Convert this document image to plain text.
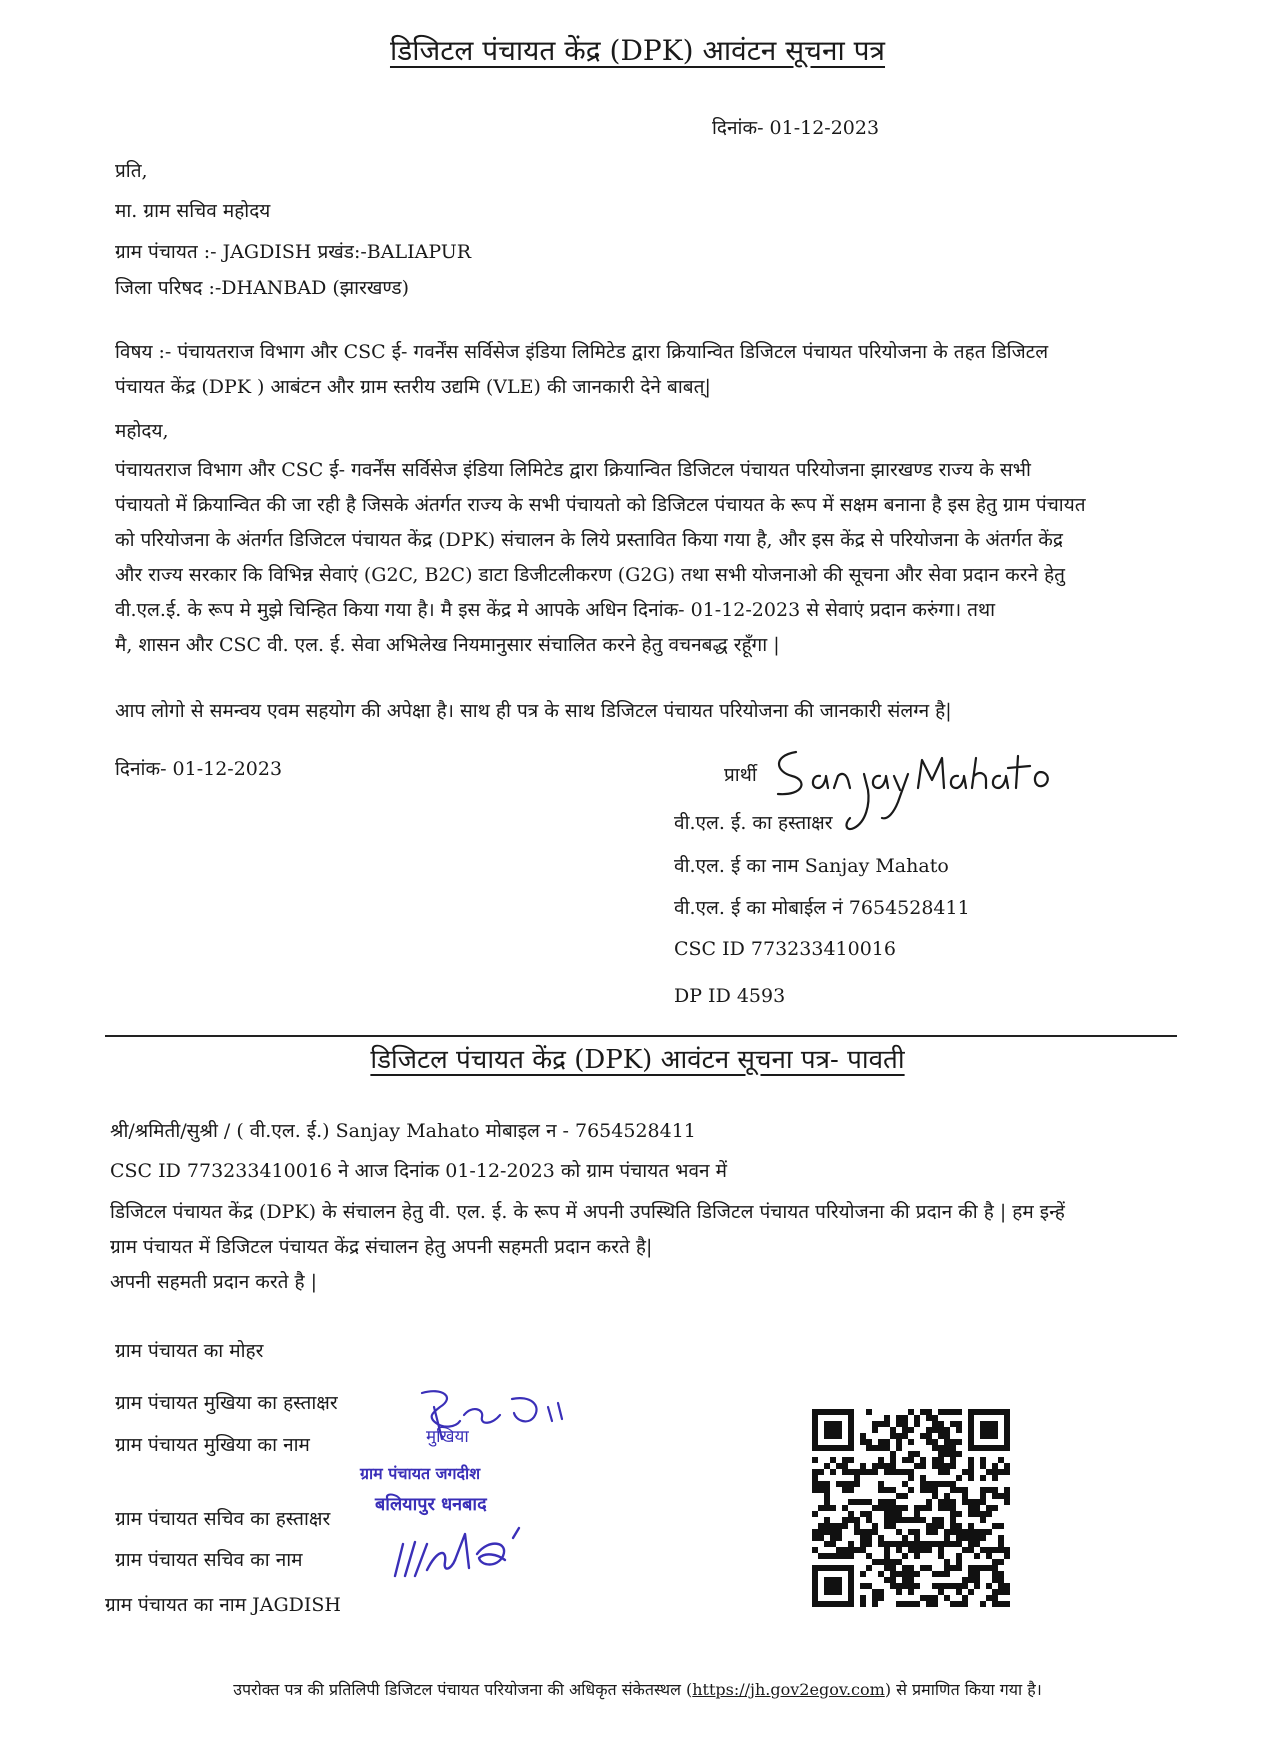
डिजिटल पंचायत केंद्र (DPK) आवंटन सूचना पत्र
दिनांक- 01-12-2023
प्रति,
मा. ग्राम सचिव महोदय
ग्राम पंचायत :- JAGDISH प्रखंड:-BALIAPUR
जिला परिषद :-DHANBAD (झारखण्ड)
विषय :- पंचायतराज विभाग और CSC ई- गवर्नेंस सर्विसेज इंडिया लिमिटेड द्वारा क्रियान्वित डिजिटल पंचायत परियोजना के तहत डिजिटल
पंचायत केंद्र (DPK ) आबंटन और ग्राम स्तरीय उद्यमि (VLE) की जानकारी देने बाबत्|
महोदय,
पंचायतराज विभाग और CSC ई- गवर्नेंस सर्विसेज इंडिया लिमिटेड द्वारा क्रियान्वित डिजिटल पंचायत परियोजना झारखण्ड राज्य के सभी
पंचायतो में क्रियान्वित की जा रही है जिसके अंतर्गत राज्य के सभी पंचायतो को डिजिटल पंचायत के रूप में सक्षम बनाना है इस हेतु ग्राम पंचायत
को परियोजना के अंतर्गत डिजिटल पंचायत केंद्र (DPK) संचालन के लिये प्रस्तावित किया गया है, और इस केंद्र से परियोजना के अंतर्गत केंद्र
और राज्य सरकार कि विभिन्न सेवाएं (G2C, B2C) डाटा डिजीटलीकरण (G2G) तथा सभी योजनाओ की सूचना और सेवा प्रदान करने हेतु
वी.एल.ई. के रूप मे मुझे चिन्हित किया गया है। मै इस केंद्र मे आपके अधिन दिनांक- 01-12-2023 से सेवाएं प्रदान करुंगा। तथा
मै, शासन और CSC वी. एल. ई. सेवा अभिलेख नियमानुसार संचालित करने हेतु वचनबद्ध रहूँगा |
आप लोगो से समन्वय एवम सहयोग की अपेक्षा है। साथ ही पत्र के साथ डिजिटल पंचायत परियोजना की जानकारी संलग्न है|
दिनांक- 01-12-2023	प्रार्थी
वी.एल. ई. का हस्ताक्षर
वी.एल. ई का नाम Sanjay Mahato
वी.एल. ई का मोबाईल नं 7654528411
CSC ID 773233410016
DP ID 4593
डिजिटल पंचायत केंद्र (DPK) आवंटन सूचना पत्र- पावती
श्री/श्रमिती/सुश्री / ( वी.एल. ई.) Sanjay Mahato मोबाइल न - 7654528411
CSC ID 773233410016 ने आज दिनांक 01-12-2023 को ग्राम पंचायत भवन में
डिजिटल पंचायत केंद्र (DPK) के संचालन हेतु वी. एल. ई. के रूप में अपनी उपस्थिति डिजिटल पंचायत परियोजना की प्रदान की है | हम इन्हें
ग्राम पंचायत में डिजिटल पंचायत केंद्र संचालन हेतु अपनी सहमती प्रदान करते है|
अपनी सहमती प्रदान करते है |
ग्राम पंचायत का मोहर
ग्राम पंचायत मुखिया का हस्ताक्षर
ग्राम पंचायत मुखिया का नाम
ग्राम पंचायत सचिव का हस्ताक्षर
ग्राम पंचायत सचिव का नाम
ग्राम पंचायत का नाम JAGDISH
मुखिया
ग्राम पंचायत जगदीश
बलियापुर धनबाद
उपरोक्त पत्र की प्रतिलिपी डिजिटल पंचायत परियोजना की अधिकृत संकेतस्थल (https://jh.gov2egov.com) से प्रमाणित किया गया है।
